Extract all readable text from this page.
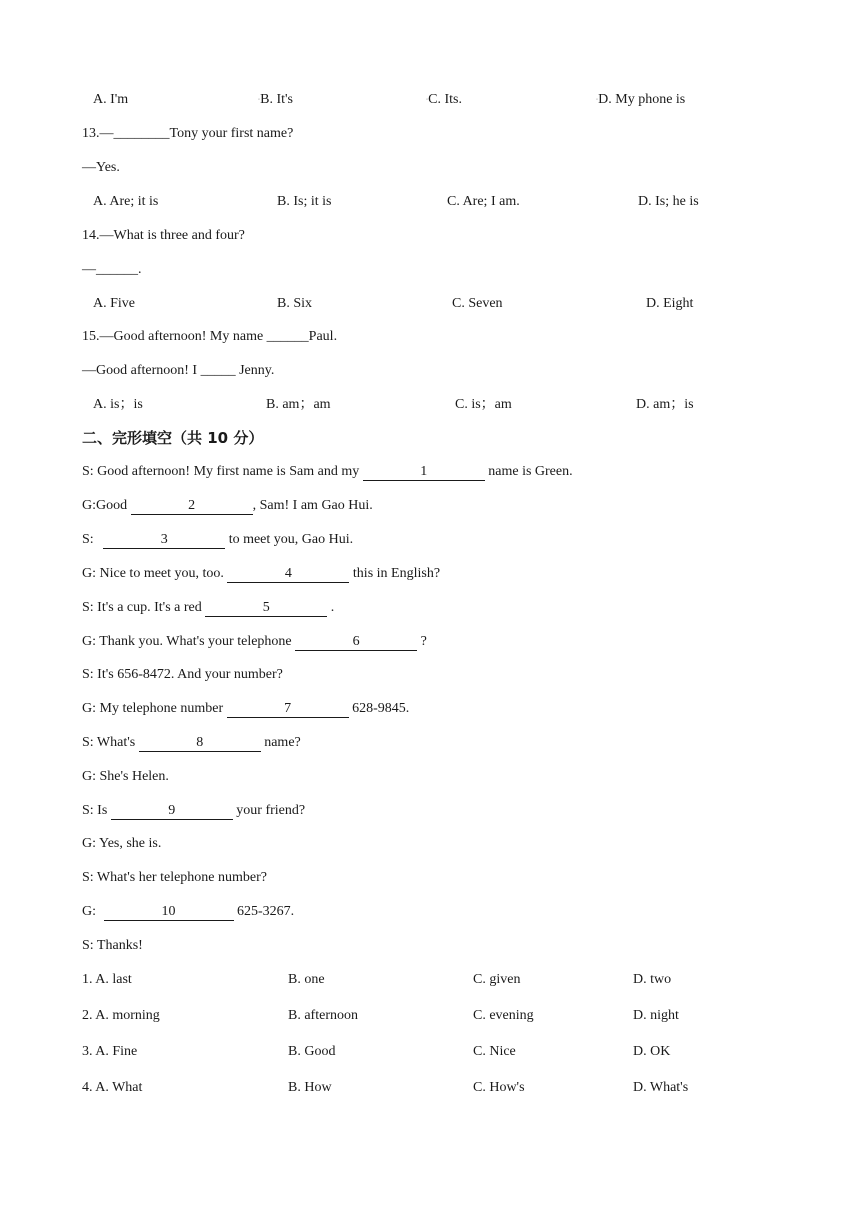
A. I'm	◦B. It's	◦C. Its.	◦D. My phone is
13.—________Tony your first name?
—Yes.
A. Are; it is	B. Is; it is	C. Are; I am.	D. Is; he is
14.—What is three and four?
—______.
A. Five	B. Six	C. Seven	D. Eight
15.—Good afternoon! My name ______Paul.
—Good afternoon! I _____ Jenny.
A. is；is	B. am；am	C. is；am	D. am；is
二、完形填空（共 10 分）
S: Good afternoon! My first name is Sam and my	1	name is Green.
G:Good	2	, Sam! I am Gao Hui.
S:	3	to meet you, Gao Hui.
G: Nice to meet you, too.	4	this in English?
S: It's a cup. It's a red	5	.
G: Thank you. What's your telephone	6	?
S: It's 656-8472. And your number?
G: My telephone number	7	628-9845.
S: What's	8	name?
G: She's Helen.
S: Is	9	your friend?
G: Yes, she is.
S: What's her telephone number?
G:	10	625-3267.
S: Thanks!
1. A. last	B. one	C. given	D. two
2. A. morning	B. afternoon	C. evening	D. night
3. A. Fine	B. Good	C. Nice	D. OK
4. A. What	B. How	C. How's	D. What's
